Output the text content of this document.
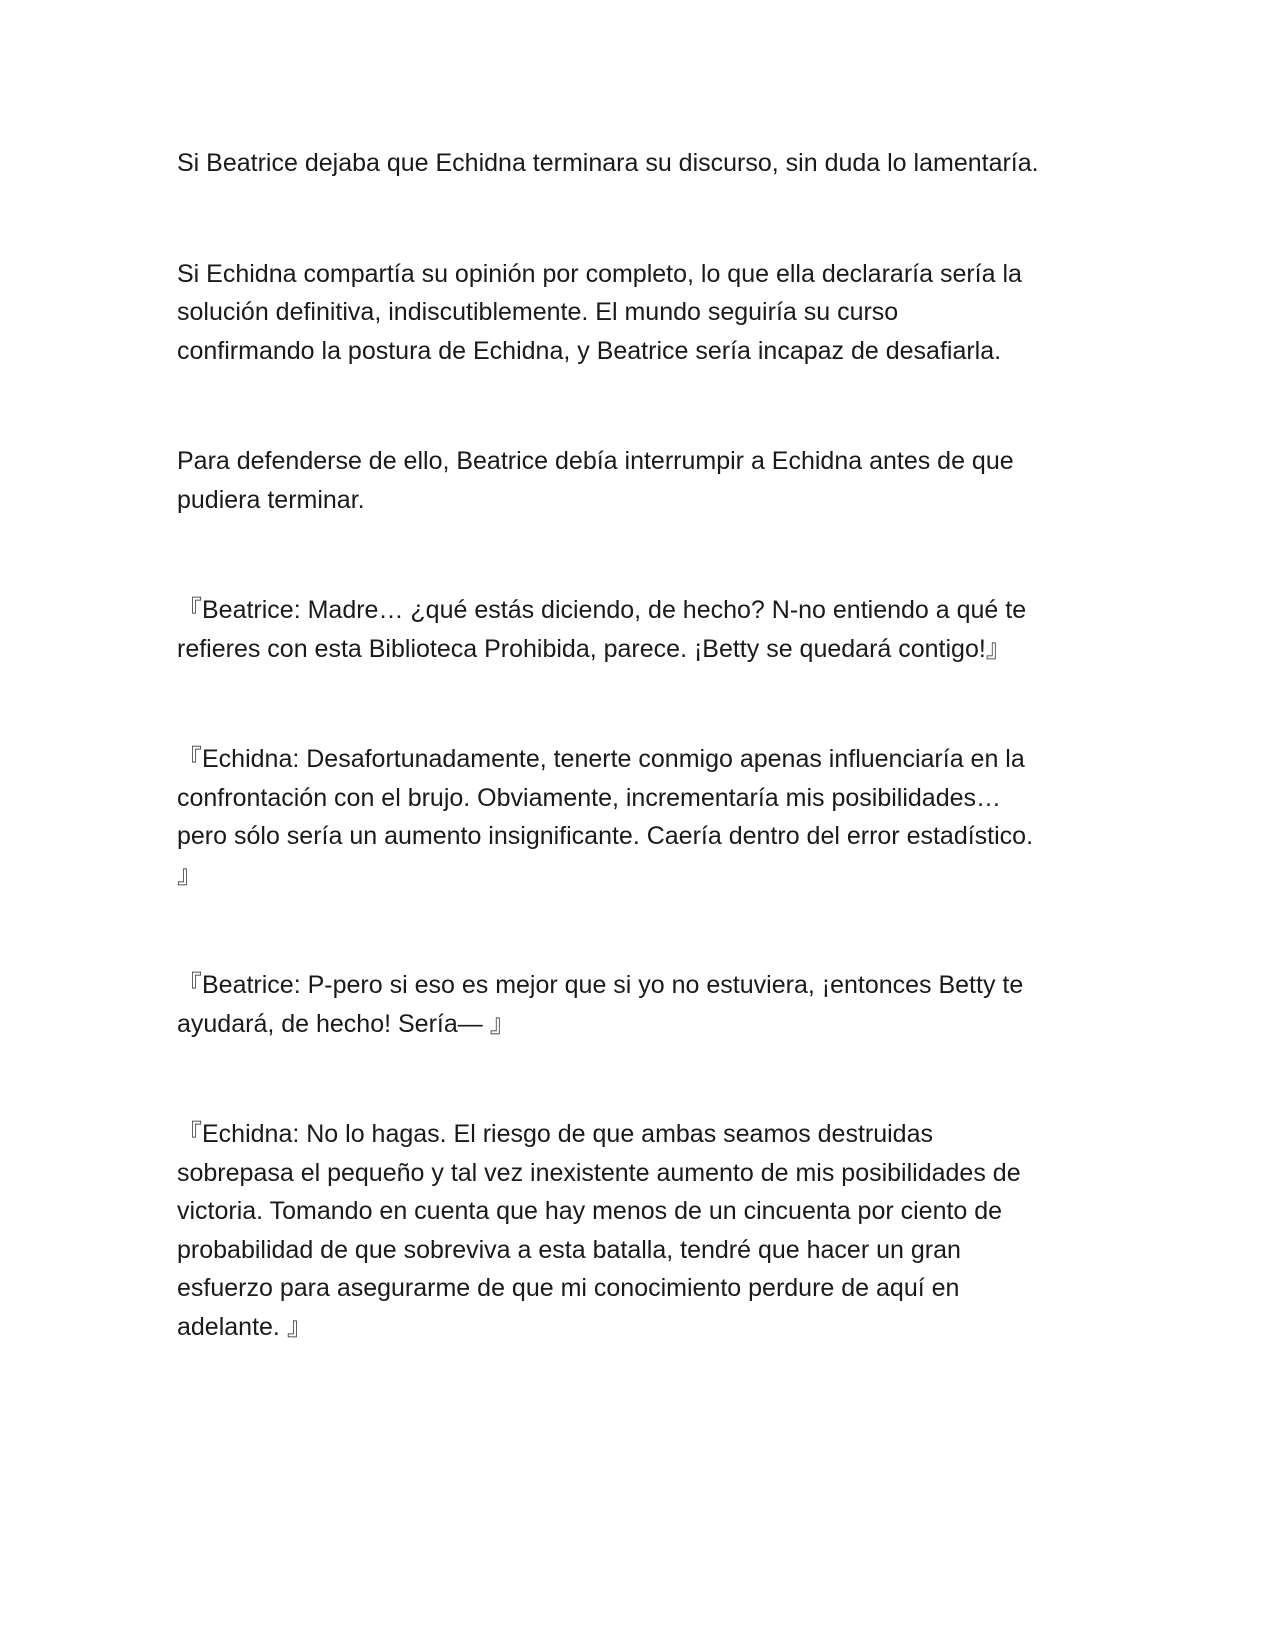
Si Beatrice dejaba que Echidna terminara su discurso, sin duda lo lamentaría.

Si Echidna compartía su opinión por completo, lo que ella declararía sería la
solución definitiva, indiscutiblemente. El mundo seguiría su curso
confirmando la postura de Echidna, y Beatrice sería incapaz de desafiarla.

Para defenderse de ello, Beatrice debía interrumpir a Echidna antes de que
pudiera terminar.

『Beatrice: Madre… ¿qué estás diciendo, de hecho? N-no entiendo a qué te
refieres con esta Biblioteca Prohibida, parece. ¡Betty se quedará contigo!』

『Echidna: Desafortunadamente, tenerte conmigo apenas influenciaría en la
confrontación con el brujo. Obviamente, incrementaría mis posibilidades…
pero sólo sería un aumento insignificante. Caería dentro del error estadístico.
』

『Beatrice: P-pero si eso es mejor que si yo no estuviera, ¡entonces Betty te
ayudará, de hecho! Sería— 』

『Echidna: No lo hagas. El riesgo de que ambas seamos destruidas
sobrepasa el pequeño y tal vez inexistente aumento de mis posibilidades de
victoria. Tomando en cuenta que hay menos de un cincuenta por ciento de
probabilidad de que sobreviva a esta batalla, tendré que hacer un gran
esfuerzo para asegurarme de que mi conocimiento perdure de aquí en
adelante. 』
